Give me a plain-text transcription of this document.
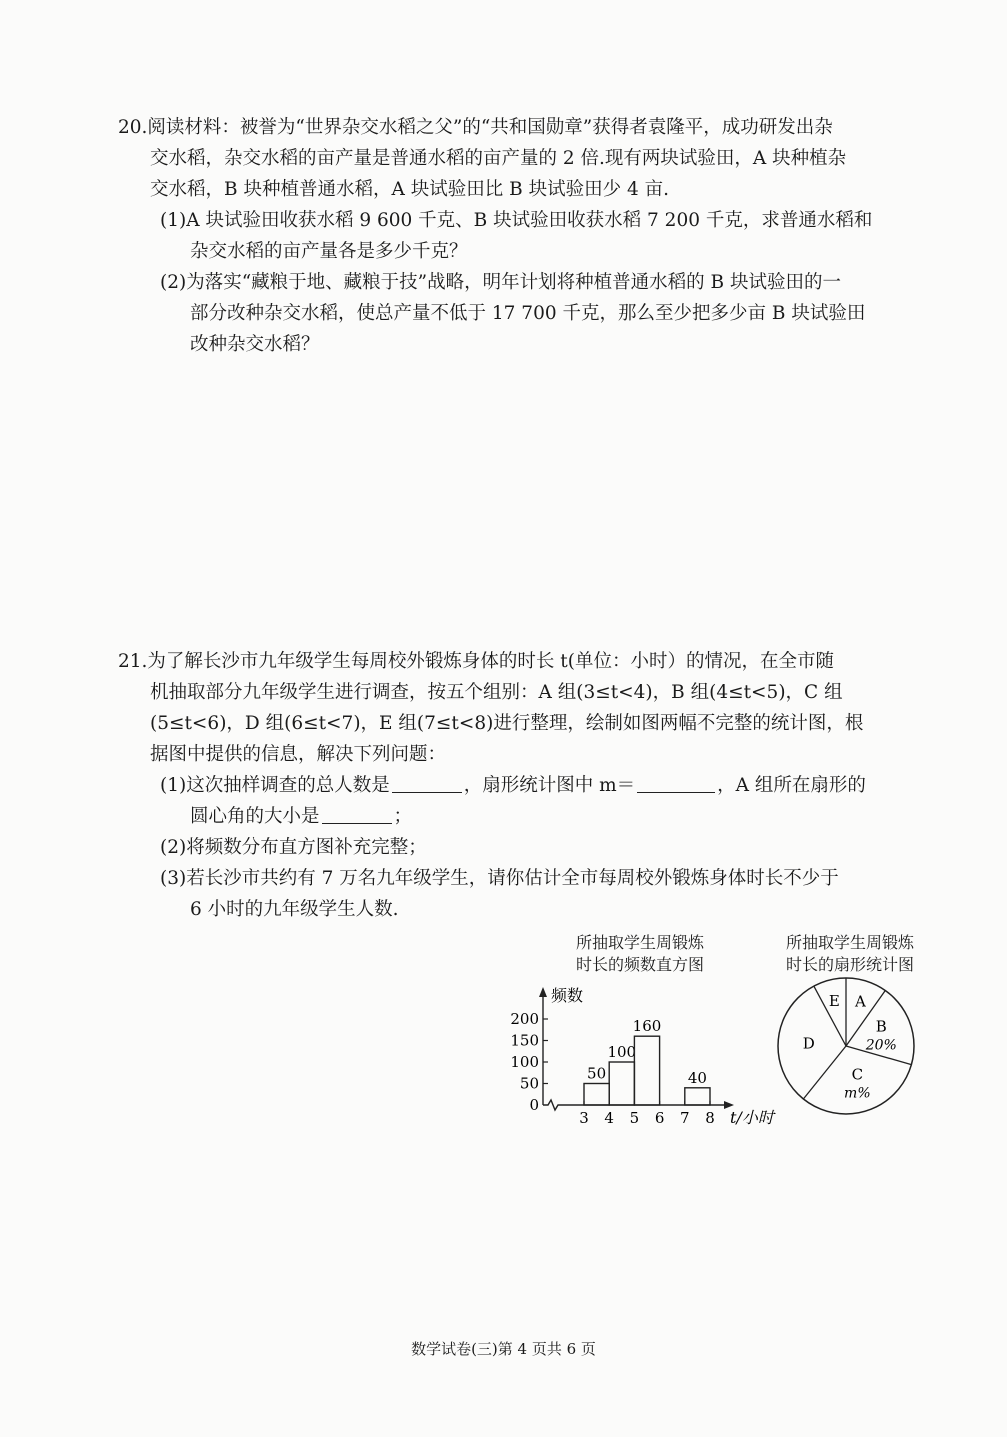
20.阅读材料：被誉为“世界杂交水稻之父”的“共和国勋章”获得者袁隆平，成功研发出杂
交水稻，杂交水稻的亩产量是普通水稻的亩产量的 2 倍.现有两块试验田，A 块种植杂
交水稻，B 块种植普通水稻，A 块试验田比 B 块试验田少 4 亩.
(1)A 块试验田收获水稻 9 600 千克、B 块试验田收获水稻 7 200 千克，求普通水稻和
杂交水稻的亩产量各是多少千克？
(2)为落实“藏粮于地、藏粮于技”战略，明年计划将种植普通水稻的 B 块试验田的一
部分改种杂交水稻，使总产量不低于 17 700 千克，那么至少把多少亩 B 块试验田
改种杂交水稻？
21.为了解长沙市九年级学生每周校外锻炼身体的时长 t(单位：小时）的情况，在全市随
机抽取部分九年级学生进行调查，按五个组别：A 组(3≤t<4)，B 组(4≤t<5)，C 组
(5≤t<6)，D 组(6≤t<7)，E 组(7≤t<8)进行整理，绘制如图两幅不完整的统计图，根
据图中提供的信息，解决下列问题：
(1)这次抽样调查的总人数是	，扇形统计图中 m＝	，A 组所在扇形的
圆心角的大小是	；
(2)将频数分布直方图补充完整；
(3)若长沙市共约有 7 万名九年级学生，请你估计全市每周校外锻炼身体时长不少于
6 小时的九年级学生人数.
所抽取学生周锻炼
时长的频数直方图
所抽取学生周锻炼
时长的扇形统计图
0
50
100
150
200
3 4 5 6 7 8
50
100
160
40
频数
t/小时
A
B
20%
C
m%
D
E
数学试卷(三)第 4 页共 6 页
